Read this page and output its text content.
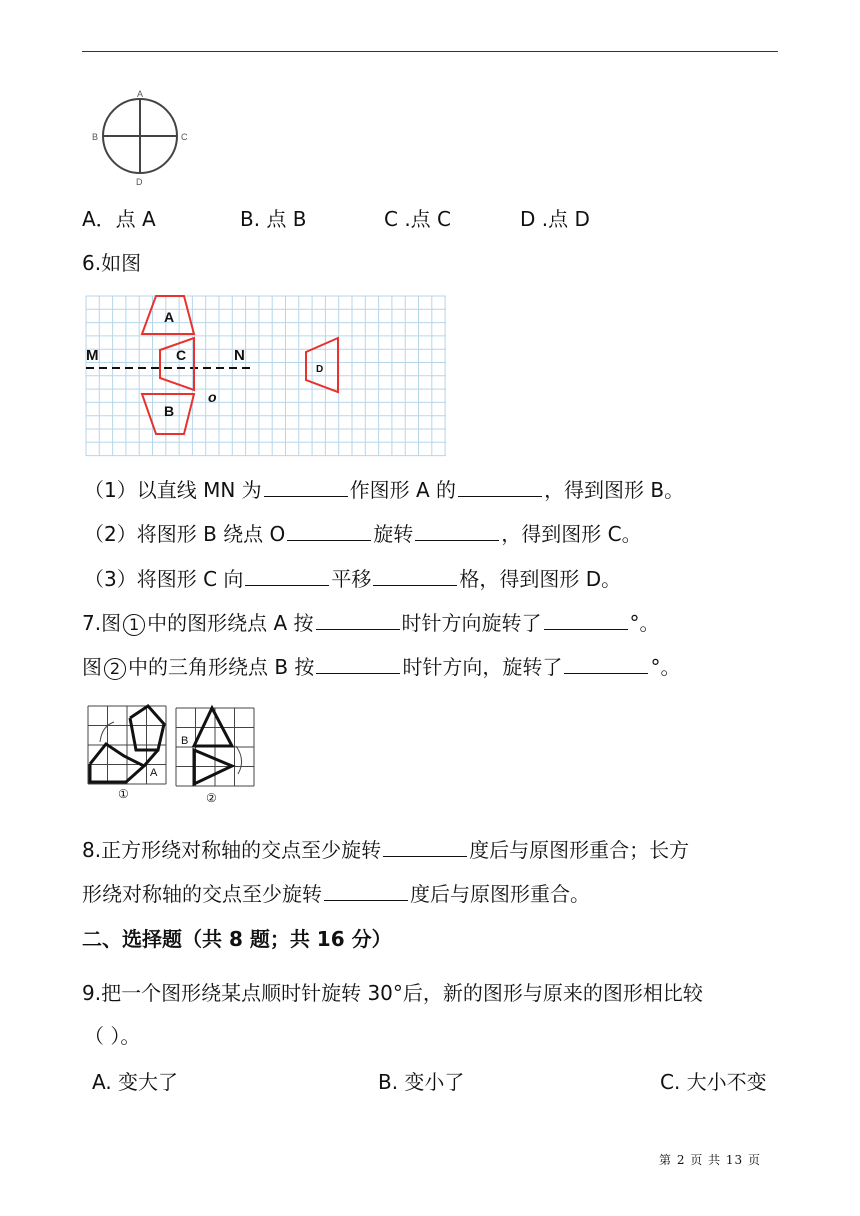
A
B	C
D
A．点 A	B. 点 B	C .点 C	D .点 D
6.如图
M	N
A
C
B
D
o
（1）以直线 MN 为	作图形 A 的	，得到图形 B。
（2）将图形 B 绕点 O	旋转	，得到图形 C。
（3）将图形 C 向	平移	格，得到图形 D。
7.图 1 中的图形绕点 A 按	时针方向旋转了	°。
图 2 中的三角形绕点 B 按	时针方向，旋转了	°。
A
①
B
②
8.正方形绕对称轴的交点至少旋转	度后与原图形重合；长方
形绕对称轴的交点至少旋转	度后与原图形重合。
二、选择题（共 8 题；共 16 分）
9.把一个图形绕某点顺时针旋转 30°后，新的图形与原来的图形相比较
（ ）。
A. 变大了	B. 变小了	C. 大小不变
第 2 页 共 13 页
